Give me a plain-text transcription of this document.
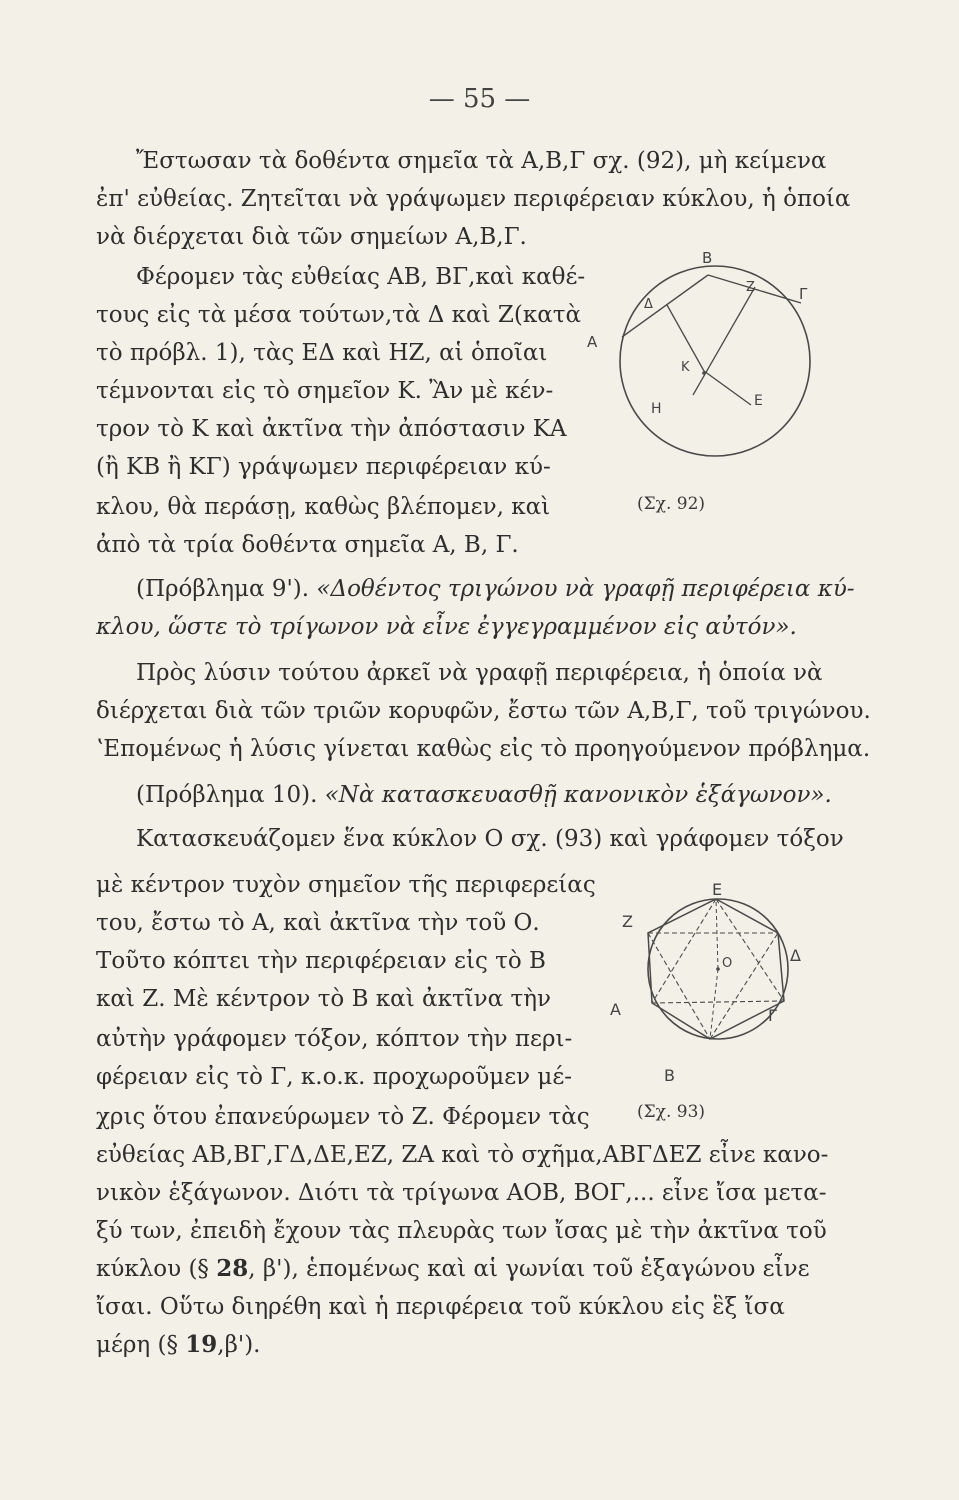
— 55 —
Ἔστωσαν τὰ δοθέντα σημεῖα τὰ Α,Β,Γ σχ. (92), μὴ κείμενα
ἐπ' εὐθείας. Ζητεῖται νὰ γράψωμεν περιφέρειαν κύκλου, ἡ ὁποία
νὰ διέρχεται διὰ τῶν σημείων Α,Β,Γ.
Φέρομεν τὰς εὐθείας ΑΒ, ΒΓ,καὶ καθέ-
τους εἰς τὰ μέσα τούτων,τὰ Δ καὶ Ζ(κατὰ
τὸ πρόβλ. 1), τὰς ΕΔ καὶ ΗΖ, αἱ ὁποῖαι
τέμνονται εἰς τὸ σημεῖον Κ. Ἂν μὲ κέν-
τρον τὸ Κ καὶ ἀκτῖνα τὴν ἀπόστασιν ΚΑ
(ἢ ΚΒ ἢ ΚΓ) γράψωμεν περιφέρειαν κύ-
κλου, θὰ περάσῃ, καθὼς βλέπομεν, καὶ
ἀπὸ τὰ τρία δοθέντα σημεῖα Α, Β, Γ.
Β
Γ
Α
Δ
Ζ
Κ
Η	Ε
(Σχ. 92)
(Πρόβλημα 9'). «Δοθέντος τριγώνου νὰ γραφῇ περιφέρεια κύ-
κλου, ὥστε τὸ τρίγωνον νὰ εἶνε ἐγγεγραμμένον εἰς αὐτόν».
Πρὸς λύσιν τούτου ἀρκεῖ νὰ γραφῇ περιφέρεια, ἡ ὁποία νὰ
διέρχεται διὰ τῶν τριῶν κορυφῶν, ἔστω τῶν Α,Β,Γ, τοῦ τριγώνου.
ʽΕπομένως ἡ λύσις γίνεται καθὼς εἰς τὸ προηγούμενον πρόβλημα.
(Πρόβλημα 10). «Νὰ κατασκευασθῇ κανονικὸν ἑξάγωνον».
Κατασκευάζομεν ἕνα κύκλον Ο σχ. (93) καὶ γράφομεν τόξον
μὲ κέντρον τυχὸν σημεῖον τῆς περιφερείας
του, ἔστω τὸ Α, καὶ ἀκτῖνα τὴν τοῦ Ο.
Τοῦτο κόπτει τὴν περιφέρειαν εἰς τὸ Β
καὶ Ζ. Μὲ κέντρον τὸ Β καὶ ἀκτῖνα τὴν
αὐτὴν γράφομεν τόξον, κόπτον τὴν περι-
φέρειαν εἰς τὸ Γ, κ.ο.κ. προχωροῦμεν μέ-
χρις ὅτου ἐπανεύρωμεν τὸ Ζ. Φέρομεν τὰς
εὐθείας ΑΒ,ΒΓ,ΓΔ,ΔΕ,ΕΖ, ΖΑ καὶ τὸ σχῆμα,ΑΒΓΔΕΖ εἶνε κανο-
νικὸν ἑξάγωνον. Διότι τὰ τρίγωνα ΑΟΒ, ΒΟΓ,... εἶνε ἴσα μετα-
ξύ των, ἐπειδὴ ἔχουν τὰς πλευρὰς των ἴσας μὲ τὴν ἀκτῖνα τοῦ
κύκλου (§ 28, β'), ἑπομένως καὶ αἱ γωνίαι τοῦ ἑξαγώνου εἶνε
ἴσαι. Οὕτω διηρέθη καὶ ἡ περιφέρεια τοῦ κύκλου εἰς ἓξ ἴσα
μέρη (§ 19,β').
Ε
Ζ
Δ
Ο
Α	Γ
Β
(Σχ. 93)
